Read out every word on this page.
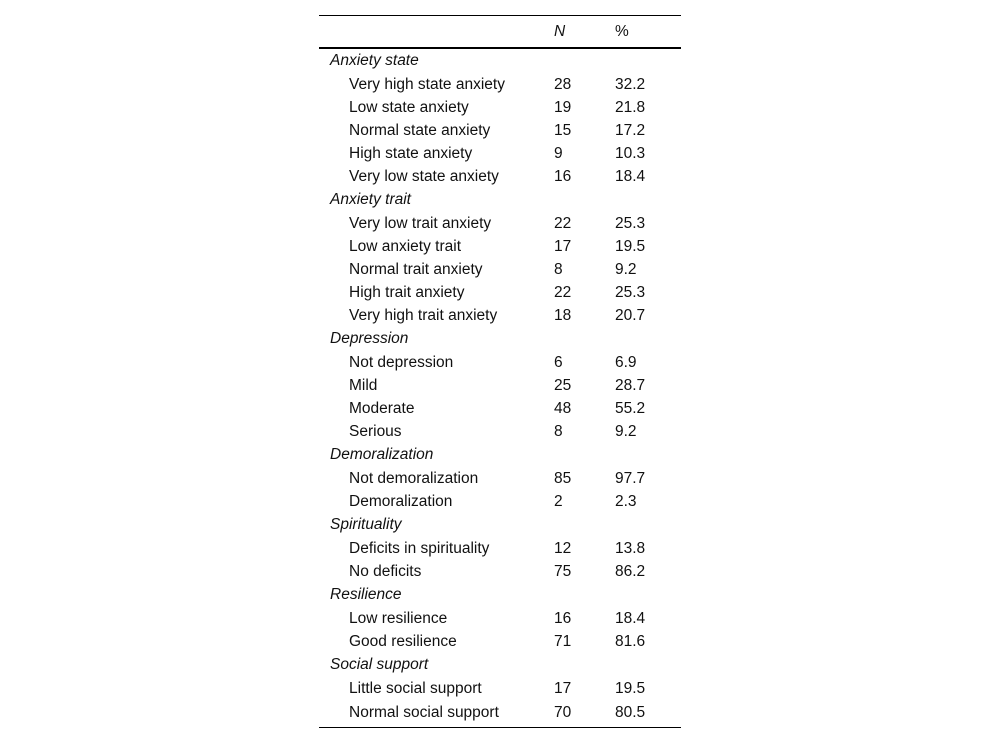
	N	%
Anxiety state		
Very high state anxiety	28	32.2
Low state anxiety	19	21.8
Normal state anxiety	15	17.2
High state anxiety	9	10.3
Very low state anxiety	16	18.4
Anxiety trait		
Very low trait anxiety	22	25.3
Low anxiety trait	17	19.5
Normal trait anxiety	8	9.2
High trait anxiety	22	25.3
Very high trait anxiety	18	20.7
Depression		
Not depression	6	6.9
Mild	25	28.7
Moderate	48	55.2
Serious	8	9.2
Demoralization		
Not demoralization	85	97.7
Demoralization	2	2.3
Spirituality		
Deficits in spirituality	12	13.8
No deficits	75	86.2
Resilience		
Low resilience	16	18.4
Good resilience	71	81.6
Social support		
Little social support	17	19.5
Normal social support	70	80.5
